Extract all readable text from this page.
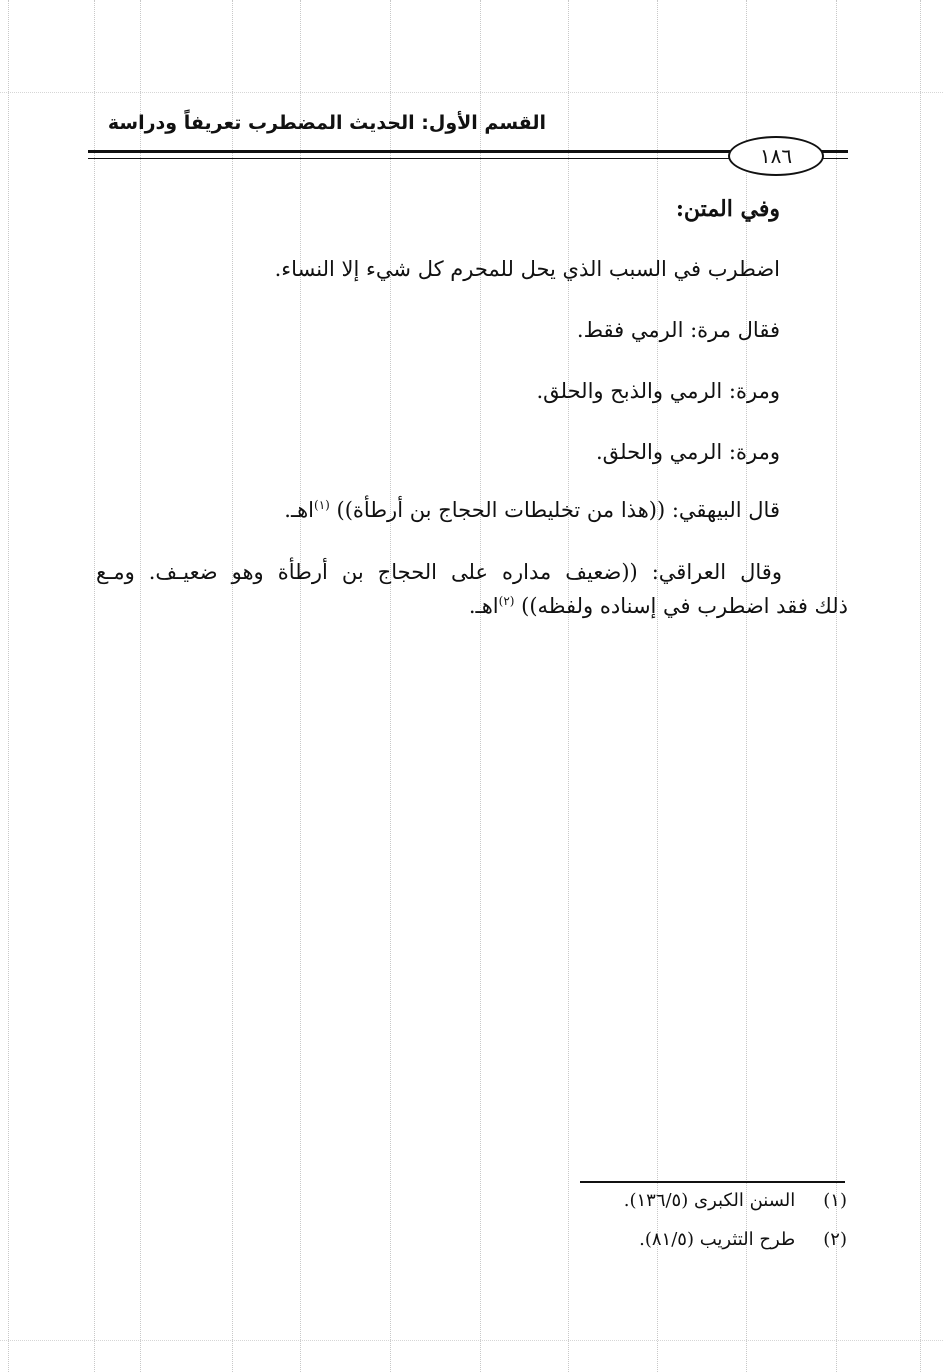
القسم الأول: الحديث المضطرب تعريفاً ودراسة
١٨٦
وفي المتن:
اضطرب في السبب الذي يحل للمحرم كل شيء إلا النساء.
فقال مرة: الرمي فقط.
ومرة: الرمي والذبح والحلق.
ومرة: الرمي والحلق.
قال البيهقي: ((هذا من تخليطات الحجاج بن أرطأة)) $^{(١)}$اهـ.
وقال العراقي: ((ضعيف مداره على الحجاج بن أرطأة وهو ضعيـف. ومـع
ذلك فقد اضطرب في إسناده ولفظه)) $^{(٢)}$اهـ.
(١) السنن الكبرى (١٣٦/٥).
(٢) طرح التثريب (٨١/٥).
